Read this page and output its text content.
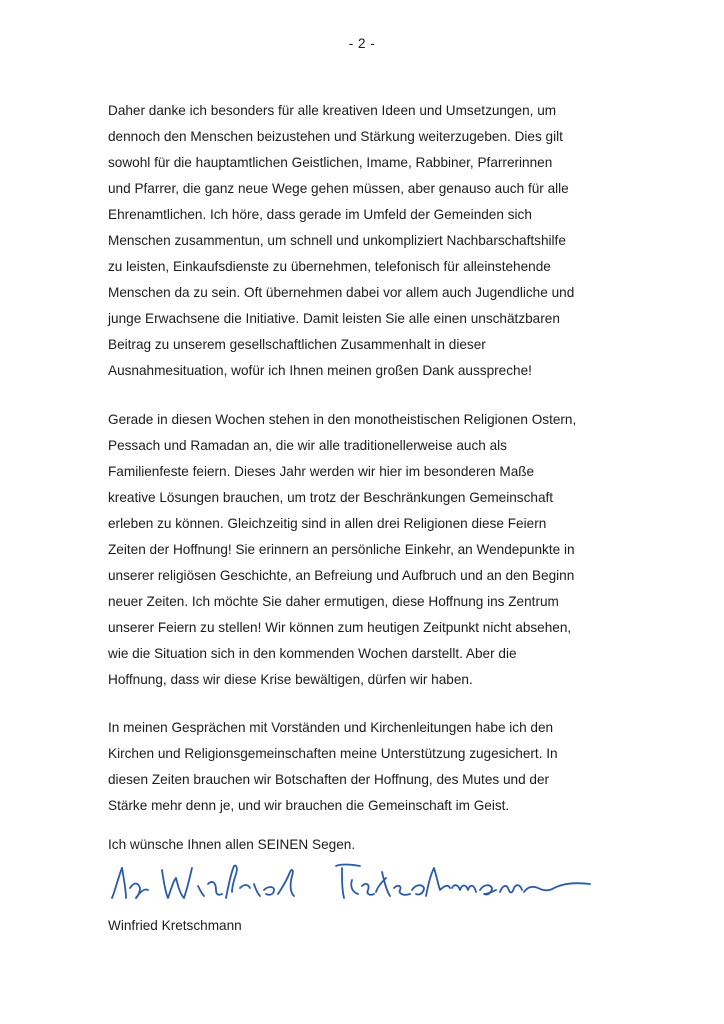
- 2 -
Daher danke ich besonders für alle kreativen Ideen und Umsetzungen, um
dennoch den Menschen beizustehen und Stärkung weiterzugeben. Dies gilt
sowohl für die hauptamtlichen Geistlichen, Imame, Rabbiner, Pfarrerinnen
und Pfarrer, die ganz neue Wege gehen müssen, aber genauso auch für alle
Ehrenamtlichen. Ich höre, dass gerade im Umfeld der Gemeinden sich
Menschen zusammentun, um schnell und unkompliziert Nachbarschaftshilfe
zu leisten, Einkaufsdienste zu übernehmen, telefonisch für alleinstehende
Menschen da zu sein. Oft übernehmen dabei vor allem auch Jugendliche und
junge Erwachsene die Initiative. Damit leisten Sie alle einen unschätzbaren
Beitrag zu unserem gesellschaftlichen Zusammenhalt in dieser
Ausnahmesituation, wofür ich Ihnen meinen großen Dank ausspreche!
Gerade in diesen Wochen stehen in den monotheistischen Religionen Ostern,
Pessach und Ramadan an, die wir alle traditionellerweise auch als
Familienfeste feiern. Dieses Jahr werden wir hier im besonderen Maße
kreative Lösungen brauchen, um trotz der Beschränkungen Gemeinschaft
erleben zu können. Gleichzeitig sind in allen drei Religionen diese Feiern
Zeiten der Hoffnung! Sie erinnern an persönliche Einkehr, an Wendepunkte in
unserer religiösen Geschichte, an Befreiung und Aufbruch und an den Beginn
neuer Zeiten. Ich möchte Sie daher ermutigen, diese Hoffnung ins Zentrum
unserer Feiern zu stellen! Wir können zum heutigen Zeitpunkt nicht absehen,
wie die Situation sich in den kommenden Wochen darstellt. Aber die
Hoffnung, dass wir diese Krise bewältigen, dürfen wir haben.
In meinen Gesprächen mit Vorständen und Kirchenleitungen habe ich den
Kirchen und Religionsgemeinschaften meine Unterstützung zugesichert. In
diesen Zeiten brauchen wir Botschaften der Hoffnung, des Mutes und der
Stärke mehr denn je, und wir brauchen die Gemeinschaft im Geist.
Ich wünsche Ihnen allen SEINEN Segen.
Winfried Kretschmann
